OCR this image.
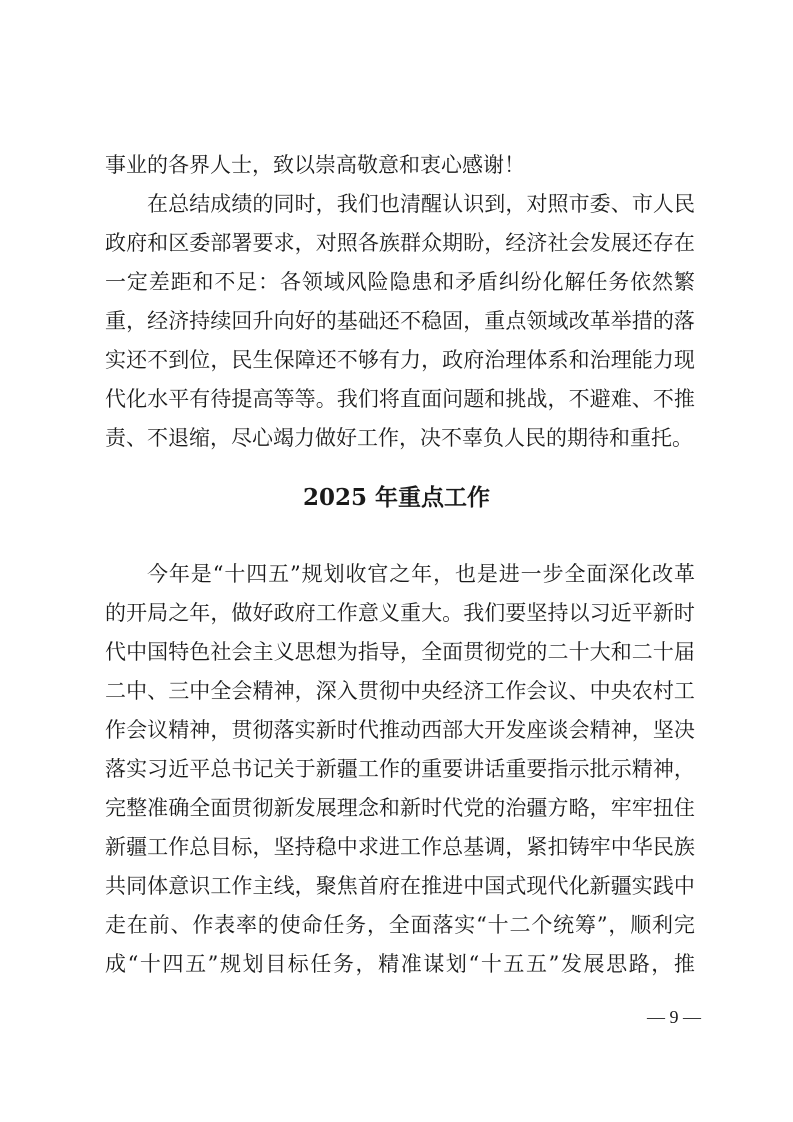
事业的各界人士，致以崇高敬意和衷心感谢！
在总结成绩的同时，我们也清醒认识到，对照市委、市人民
政府和区委部署要求，对照各族群众期盼，经济社会发展还存在
一定差距和不足：各领域风险隐患和矛盾纠纷化解任务依然繁
重，经济持续回升向好的基础还不稳固，重点领域改革举措的落
实还不到位，民生保障还不够有力，政府治理体系和治理能力现
代化水平有待提高等等。我们将直面问题和挑战，不避难、不推
责、不退缩，尽心竭力做好工作，决不辜负人民的期待和重托。
2025 年重点工作
今年是“十四五”规划收官之年，也是进一步全面深化改革
的开局之年，做好政府工作意义重大。我们要坚持以习近平新时
代中国特色社会主义思想为指导，全面贯彻党的二十大和二十届
二中、三中全会精神，深入贯彻中央经济工作会议、中央农村工
作会议精神，贯彻落实新时代推动西部大开发座谈会精神，坚决
落实习近平总书记关于新疆工作的重要讲话重要指示批示精神，
完整准确全面贯彻新发展理念和新时代党的治疆方略，牢牢扭住
新疆工作总目标，坚持稳中求进工作总基调，紧扣铸牢中华民族
共同体意识工作主线，聚焦首府在推进中国式现代化新疆实践中
走在前、作表率的使命任务，全面落实“十二个统筹”，顺利完
成“十四五”规划目标任务，精准谋划“十五五”发展思路，推
— 9 —
